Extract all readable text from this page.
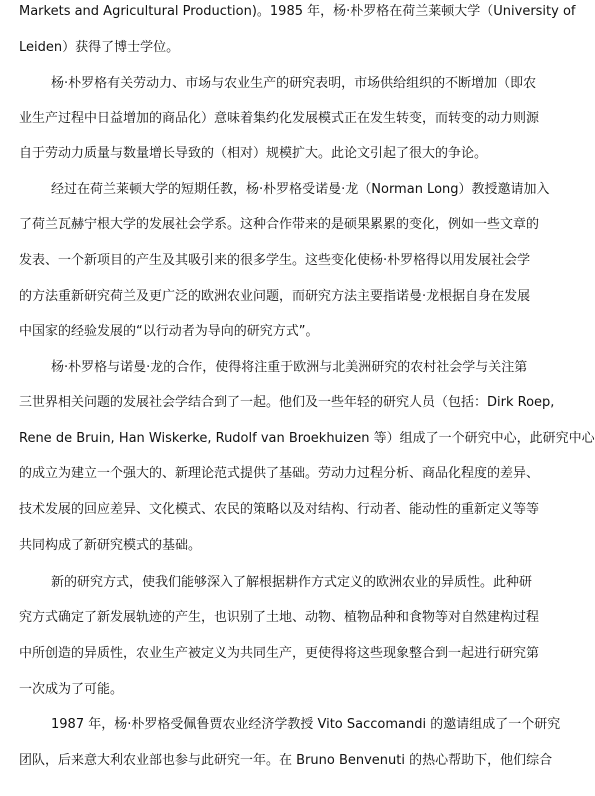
Markets and Agricultural Production)。1985 年，杨·朴罗格在荷兰莱顿大学（University of
Leiden）获得了博士学位。
杨·朴罗格有关劳动力、市场与农业生产的研究表明，市场供给组织的不断增加（即农
业生产过程中日益增加的商品化）意味着集约化发展模式正在发生转变，而转变的动力则源
自于劳动力质量与数量增长导致的（相对）规模扩大。此论文引起了很大的争论。
经过在荷兰莱顿大学的短期任教，杨·朴罗格受诺曼·龙（Norman Long）教授邀请加入
了荷兰瓦赫宁根大学的发展社会学系。这种合作带来的是硕果累累的变化，例如一些文章的
发表、一个新项目的产生及其吸引来的很多学生。这些变化使杨·朴罗格得以用发展社会学
的方法重新研究荷兰及更广泛的欧洲农业问题，而研究方法主要指诺曼·龙根据自身在发展
中国家的经验发展的“以行动者为导向的研究方式”。
杨·朴罗格与诺曼·龙的合作，使得将注重于欧洲与北美洲研究的农村社会学与关注第
三世界相关问题的发展社会学结合到了一起。他们及一些年轻的研究人员（包括：Dirk Roep,
Rene de Bruin, Han Wiskerke, Rudolf van Broekhuizen 等）组成了一个研究中心，此研究中心
的成立为建立一个强大的、新理论范式提供了基础。劳动力过程分析、商品化程度的差异、
技术发展的回应差异、文化模式、农民的策略以及对结构、行动者、能动性的重新定义等等
共同构成了新研究模式的基础。
新的研究方式，使我们能够深入了解根据耕作方式定义的欧洲农业的异质性。此种研
究方式确定了新发展轨迹的产生，也识别了土地、动物、植物品种和食物等对自然建构过程
中所创造的异质性，农业生产被定义为共同生产，更使得将这些现象整合到一起进行研究第
一次成为了可能。
1987 年，杨·朴罗格受佩鲁贾农业经济学教授 Vito Saccomandi 的邀请组成了一个研究
团队，后来意大利农业部也参与此研究一年。在 Bruno Benvenuti 的热心帮助下，他们综合
